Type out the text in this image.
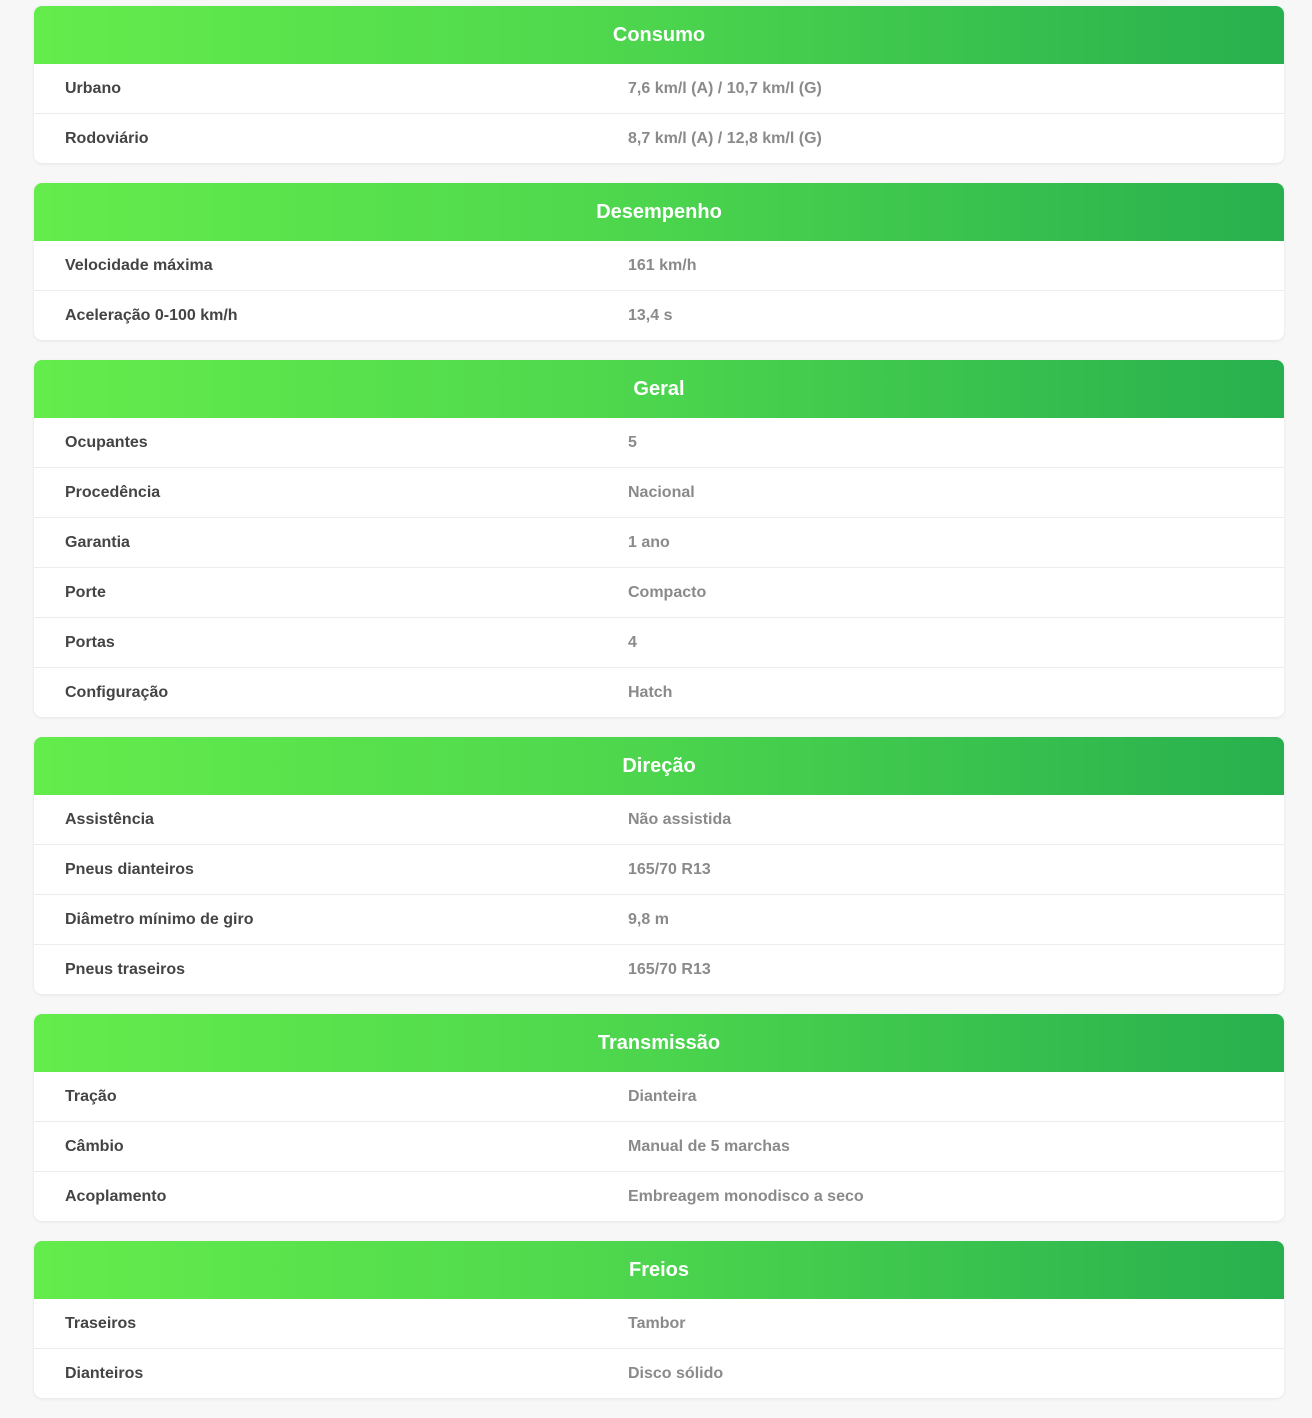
Consumo
Urbano	7,6 km/l (A) / 10,7 km/l (G)
Rodoviário	8,7 km/l (A) / 12,8 km/l (G)
Desempenho
Velocidade máxima	161 km/h
Aceleração 0-100 km/h	13,4 s
Geral
Ocupantes	5
Procedência	Nacional
Garantia	1 ano
Porte	Compacto
Portas	4
Configuração	Hatch
Direção
Assistência	Não assistida
Pneus dianteiros	165/70 R13
Diâmetro mínimo de giro	9,8 m
Pneus traseiros	165/70 R13
Transmissão
Tração	Dianteira
Câmbio	Manual de 5 marchas
Acoplamento	Embreagem monodisco a seco
Freios
Traseiros	Tambor
Dianteiros	Disco sólido
